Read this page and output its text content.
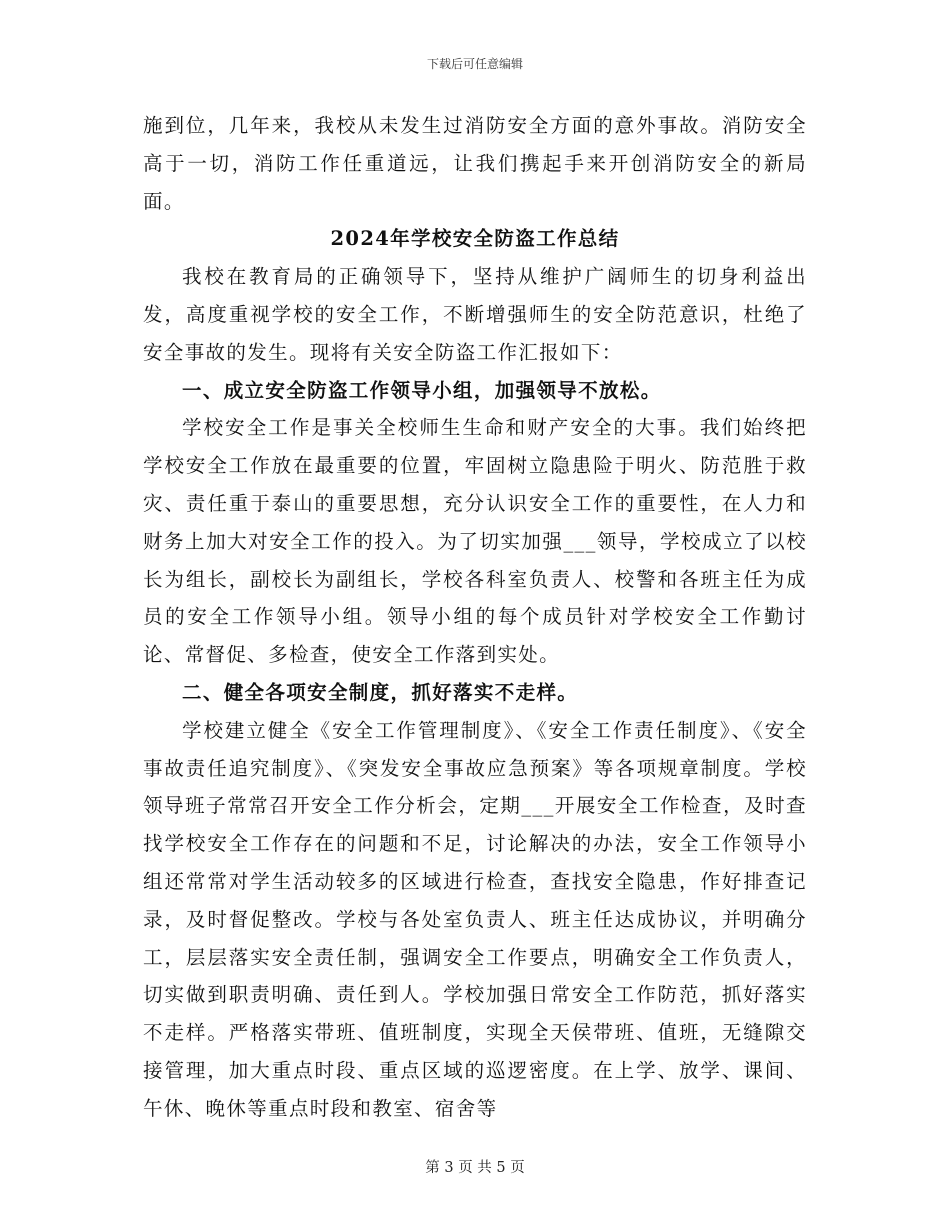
下载后可任意编辑

施到位，几年来，我校从未发生过消防安全方面的意外事故。消防安全高于一切，消防工作任重道远，让我们携起手来开创消防安全的新局面。

2024年学校安全防盗工作总结

我校在教育局的正确领导下，坚持从维护广阔师生的切身利益出发，高度重视学校的安全工作，不断增强师生的安全防范意识，杜绝了安全事故的发生。现将有关安全防盗工作汇报如下：

一、成立安全防盗工作领导小组，加强领导不放松。

学校安全工作是事关全校师生生命和财产安全的大事。我们始终把学校安全工作放在最重要的位置，牢固树立隐患险于明火、防范胜于救灾、责任重于泰山的重要思想，充分认识安全工作的重要性，在人力和财务上加大对安全工作的投入。为了切实加强___领导，学校成立了以校长为组长，副校长为副组长，学校各科室负责人、校警和各班主任为成员的安全工作领导小组。领导小组的每个成员针对学校安全工作勤讨论、常督促、多检查，使安全工作落到实处。

二、健全各项安全制度，抓好落实不走样。

学校建立健全《安全工作管理制度》、《安全工作责任制度》、《安全事故责任追究制度》、《突发安全事故应急预案》等各项规章制度。学校领导班子常常召开安全工作分析会，定期___开展安全工作检查，及时查找学校安全工作存在的问题和不足，讨论解决的办法，安全工作领导小组还常常对学生活动较多的区域进行检查，查找安全隐患，作好排查记录，及时督促整改。学校与各处室负责人、班主任达成协议，并明确分工，层层落实安全责任制，强调安全工作要点，明确安全工作负责人，切实做到职责明确、责任到人。学校加强日常安全工作防范，抓好落实不走样。严格落实带班、值班制度，实现全天侯带班、值班，无缝隙交接管理，加大重点时段、重点区域的巡逻密度。在上学、放学、课间、午休、晚休等重点时段和教室、宿舍等

第 3 页 共 5 页
